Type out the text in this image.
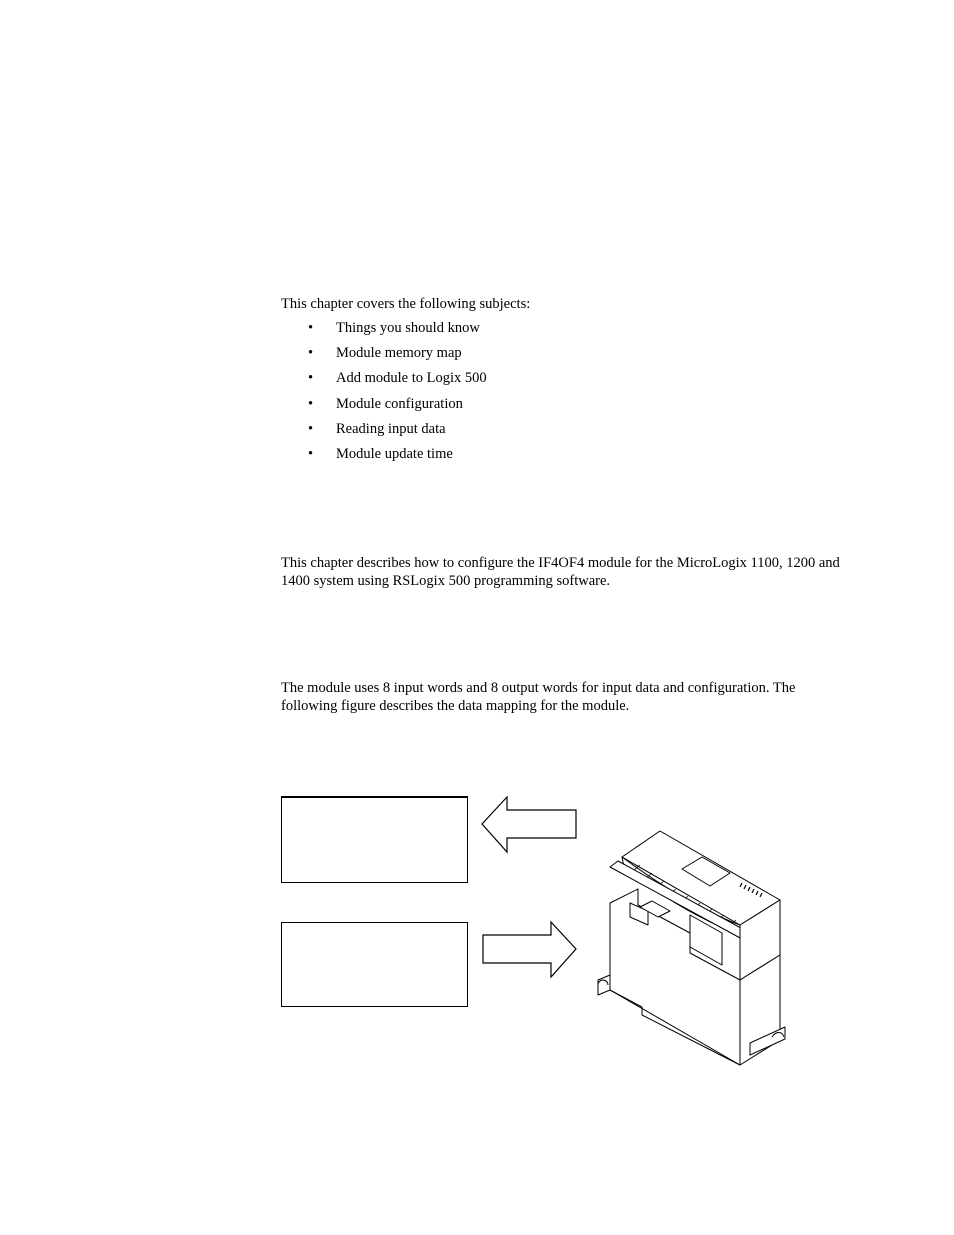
This chapter covers the following subjects:
• Things you should know
• Module memory map
• Add module to Logix 500
• Module configuration
• Reading input data
• Module update time
This chapter describes how to configure the IF4OF4 module for the MicroLogix 1100, 1200 and 1400 system using RSLogix 500 programming software.
The module uses 8 input words and 8 output words for input data and configuration. The following figure describes the data mapping for the module.
